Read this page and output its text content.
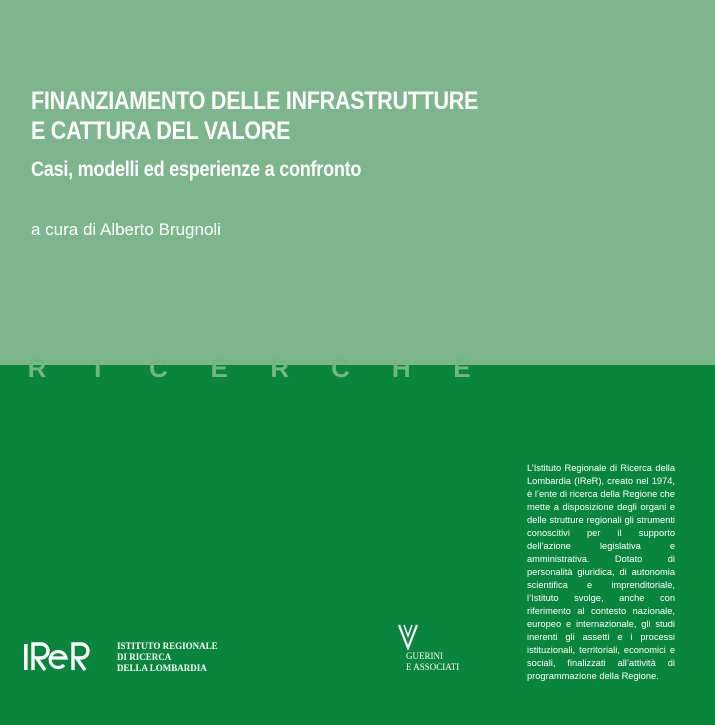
FINANZIAMENTO DELLE INFRASTRUTTURE
E CATTURA DEL VALORE
Casi, modelli ed esperienze a confronto
a cura di Alberto Brugnoli
R I C E R C H E
L’Istituto Regionale di Ricerca della Lombardia (IReR), creato nel 1974, è l’ente di ricerca della Regione che mette a disposizione degli organi e delle strutture regionali gli strumenti conoscitivi per il supporto dell’azione legislativa e amministrativa. Dotato di personalità giuridica, di autonomia scientifica e imprenditoriale, l’Istituto svolge, anche con riferimento al contesto nazionale, europeo e internazionale, gli studi inerenti gli assetti e i processi istituzionali, territoriali, economici e sociali, finalizzati all’attività di programmazione della Regione.
ISTITUTO REGIONALE
DI RICERCA
DELLA LOMBARDIA
GUERINI
E ASSOCIATI
